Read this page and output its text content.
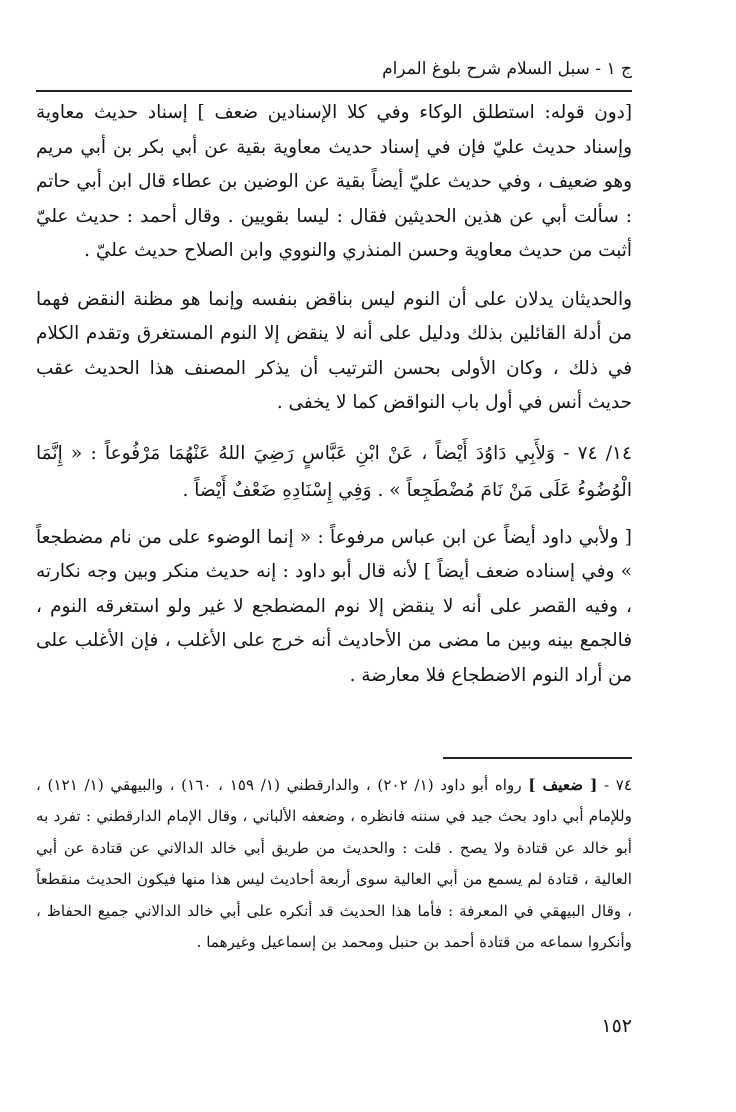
ج ١ - سبل السلام شرح بلوغ المرام

[دون قوله: استطلق الوكاء وفي كلا الإسنادين ضعف ] إسناد حديث معاوية وإسناد حديث عليّ فإن في إسناد حديث معاوية بقية عن أبي بكر بن أبي مريم وهو ضعيف ، وفي حديث عليّ أيضاً بقية عن الوضين بن عطاء قال ابن أبي حاتم : سألت أبي عن هذين الحديثين فقال : ليسا بقويين . وقال أحمد : حديث عليّ أثبت من حديث معاوية وحسن المنذري والنووي وابن الصلاح حديث عليّ .

والحديثان يدلان على أن النوم ليس بناقض بنفسه وإنما هو مظنة النقض فهما من أدلة القائلين بذلك ودليل على أنه لا ينقض إلا النوم المستغرق وتقدم الكلام في ذلك ، وكان الأولى بحسن الترتيب أن يذكر المصنف هذا الحديث عقب حديث أنس في أول باب النواقض كما لا يخفى .

١٤/ ٧٤ - وَلأَبِي دَاوُدَ أَيْضاً ، عَنْ ابْنِ عَبَّاسٍ رَضِيَ اللهُ عَنْهُمَا مَرْفُوعاً : « إِنَّمَا الْوُضُوءُ عَلَى مَنْ نَامَ مُضْطَجِعاً » . وَفِي إِسْنَادِهِ ضَعْفٌ أَيْضاً .

[ ولأبي داود أيضاً عن ابن عباس مرفوعاً : « إنما الوضوء على من نام مضطجعاً » وفي إسناده ضعف أيضاً ] لأنه قال أبو داود : إنه حديث منكر وبين وجه نكارته ، وفيه القصر على أنه لا ينقض إلا نوم المضطجع لا غير ولو استغرقه النوم ، فالجمع بينه وبين ما مضى من الأحاديث أنه خرج على الأغلب ، فإن الأغلب على من أراد النوم الاضطجاع فلا معارضة .

٧٤ - [ ضعيف ] رواه أبو داود (١/ ٢٠٢) ، والدارقطني (١/ ١٥٩ ، ١٦٠) ، والبيهقي (١/ ١٢١) ، وللإمام أبي داود بحث جيد في سننه فانظره ، وضعفه الألباني ، وقال الإمام الدارقطني : تفرد به أبو خالد عن قتادة ولا يصح . قلت : والحديث من طريق أبي خالد الدالاني عن قتادة عن أبي العالية ، قتادة لم يسمع من أبي العالية سوى أربعة أحاديث ليس هذا منها فيكون الحديث منقطعاً ، وقال البيهقي في المعرفة : فأما هذا الحديث قد أنكره على أبي خالد الدالاني جميع الحفاظ ، وأنكروا سماعه من قتادة أحمد بن حنبل ومحمد بن إسماعيل وغيرهما .

١٥٢
